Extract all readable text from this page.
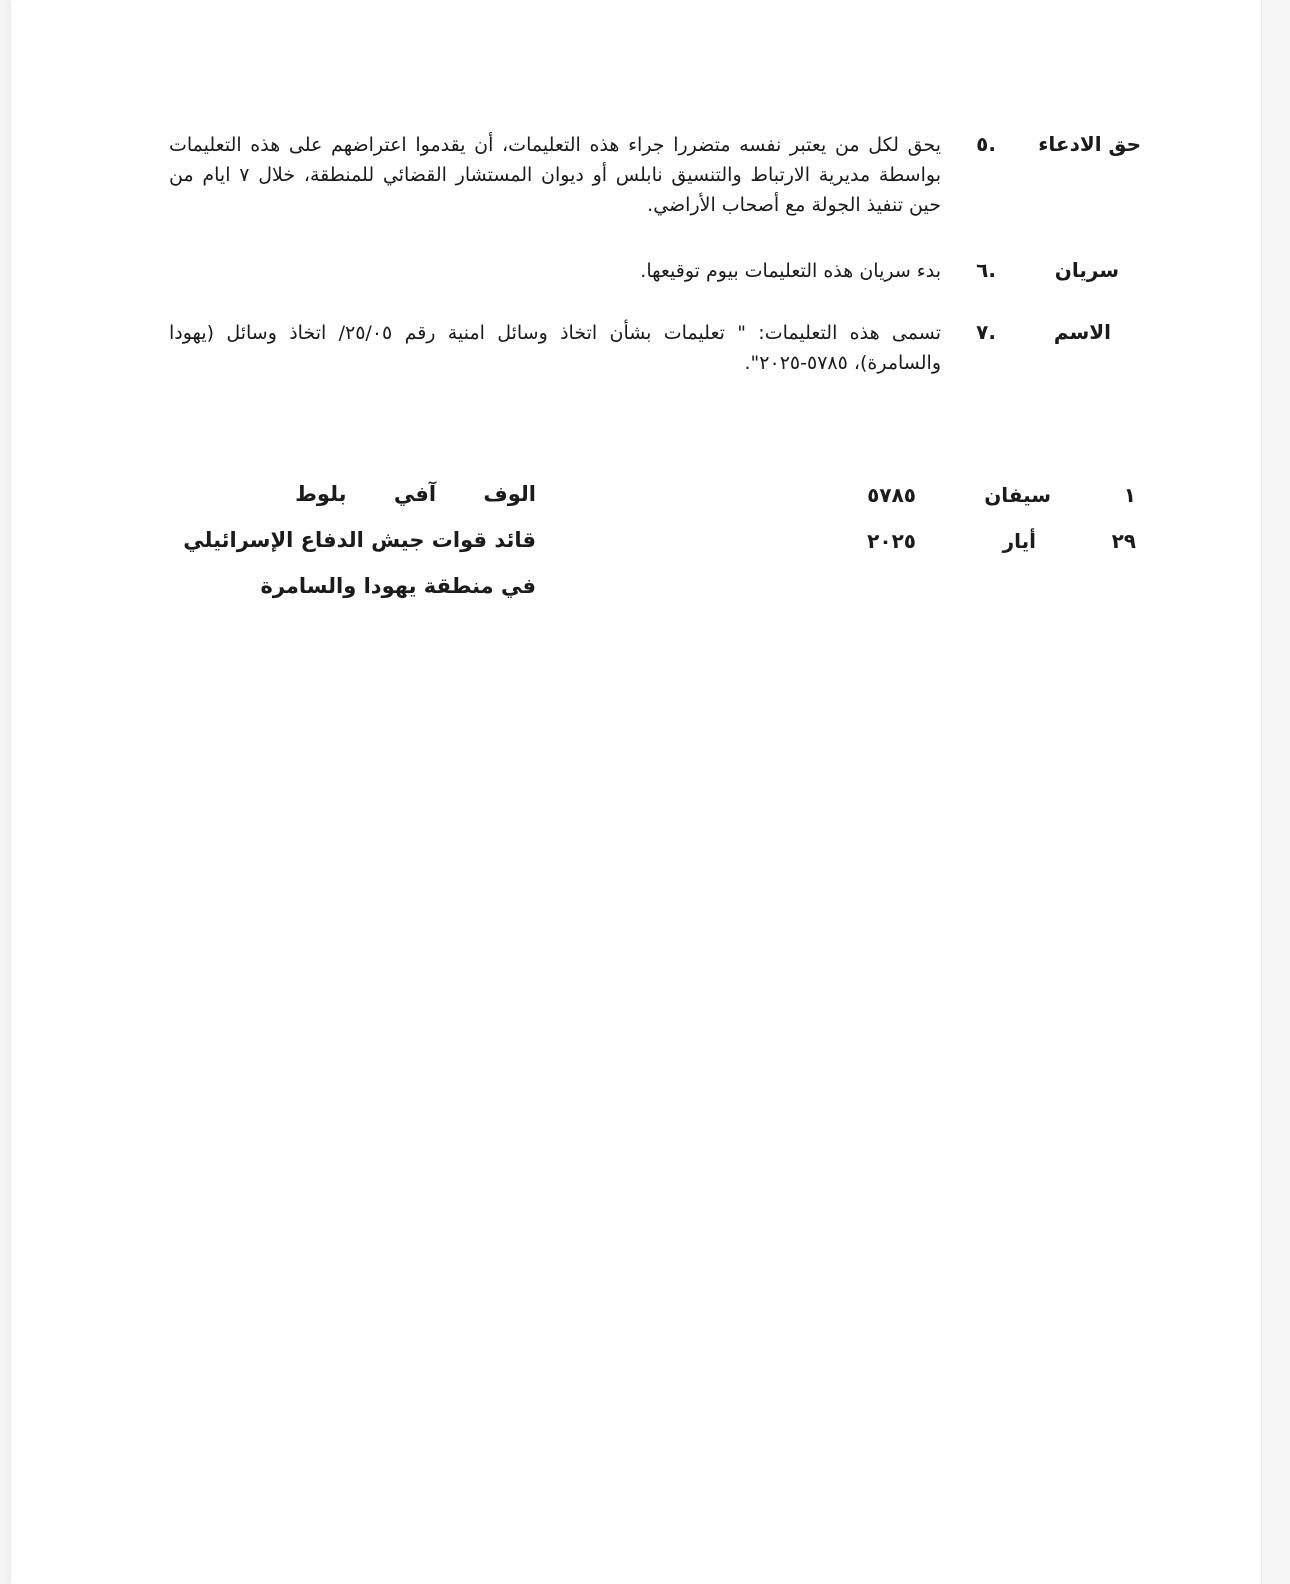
حق الادعاء
٥.
يحق لكل من يعتبر نفسه متضررا جراء هذه التعليمات، أن يقدموا اعتراضهم على هذه التعليمات بواسطة مديرية الارتباط والتنسيق نابلس أو ديوان المستشار القضائي للمنطقة، خلال ٧ ايام من حين تنفيذ الجولة مع أصحاب الأراضي.
سريان
٦.
بدء سريان هذه التعليمات بيوم توقيعها.
الاسم
٧.
تسمى هذه التعليمات: " تعليمات بشأن اتخاذ وسائل امنية رقم ٢٥/٠٥/ اتخاذ وسائل (يهودا والسامرة)، ٥٧٨٥-٢٠٢٥".
١
سيفان
٥٧٨٥
٢٩
أيار
٢٠٢٥
الوف آفي بلوط
قائد قوات جيش الدفاع الإسرائيلي
في منطقة يهودا والسامرة
